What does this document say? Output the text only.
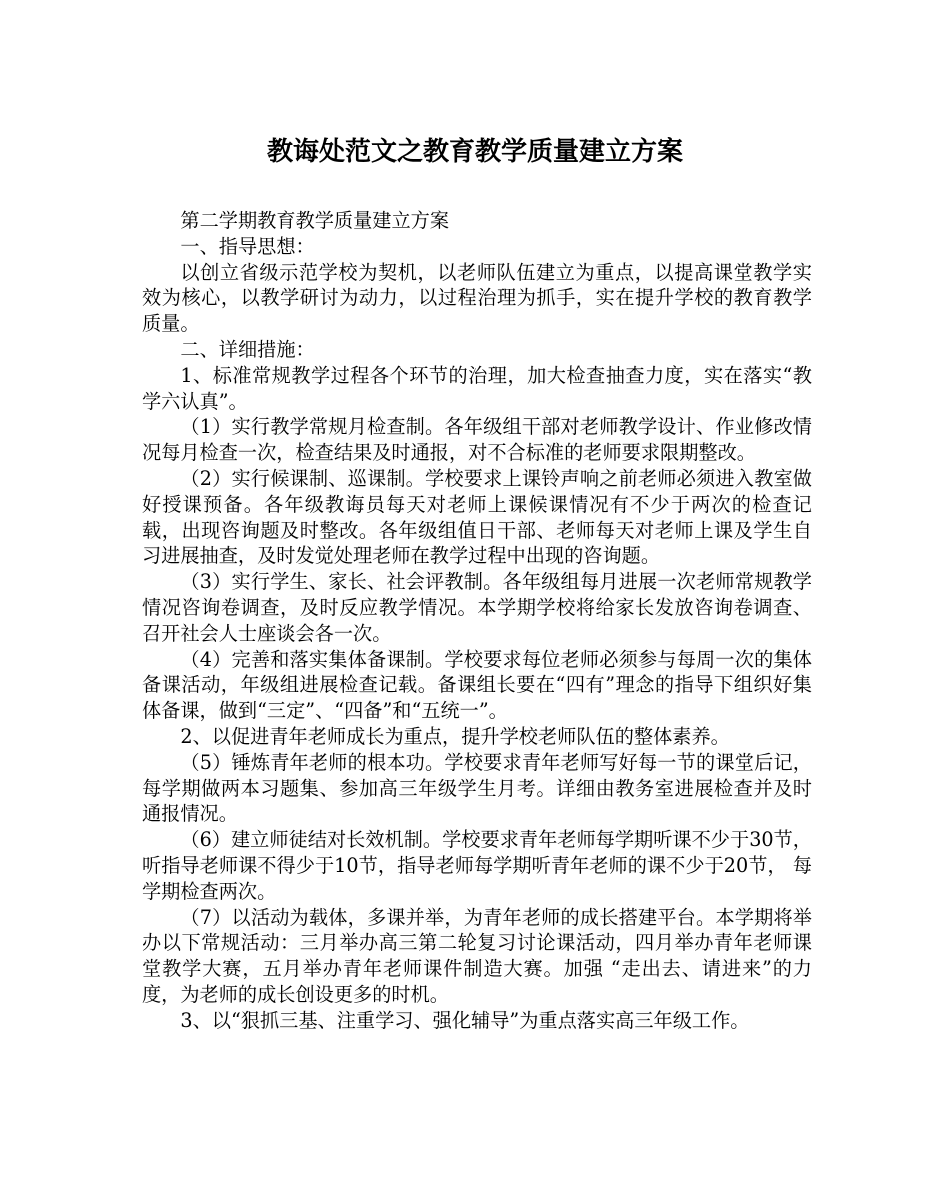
教诲处范文之教育教学质量建立方案

第二学期教育教学质量建立方案

一、指导思想：

以创立省级示范学校为契机，以老师队伍建立为重点，以提高课堂教学实效为核心，以教学研讨为动力，以过程治理为抓手，实在提升学校的教育教学质量。

二、详细措施：

1、标准常规教学过程各个环节的治理，加大检查抽查力度，实在落实“教学六认真”。

（1）实行教学常规月检查制。各年级组干部对老师教学设计、作业修改情况每月检查一次，检查结果及时通报，对不合标准的老师要求限期整改。

（2）实行候课制、巡课制。学校要求上课铃声响之前老师必须进入教室做好授课预备。各年级教诲员每天对老师上课候课情况有不少于两次的检查记载，出现咨询题及时整改。各年级组值日干部、老师每天对老师上课及学生自习进展抽查，及时发觉处理老师在教学过程中出现的咨询题。

（3）实行学生、家长、社会评教制。各年级组每月进展一次老师常规教学情况咨询卷调查，及时反应教学情况。本学期学校将给家长发放咨询卷调查、召开社会人士座谈会各一次。

（4）完善和落实集体备课制。学校要求每位老师必须参与每周一次的集体备课活动，年级组进展检查记载。备课组长要在“四有”理念的指导下组织好集体备课，做到“三定”、“四备”和“五统一”。

2、以促进青年老师成长为重点，提升学校老师队伍的整体素养。

（5）锤炼青年老师的根本功。学校要求青年老师写好每一节的课堂后记，每学期做两本习题集、参加高三年级学生月考。详细由教务室进展检查并及时通报情况。

（6）建立师徒结对长效机制。学校要求青年老师每学期听课不少于30节，听指导老师课不得少于10节，指导老师每学期听青年老师的课不少于20节， 每学期检查两次。

（7）以活动为载体，多课并举，为青年老师的成长搭建平台。本学期将举办以下常规活动：三月举办高三第二轮复习讨论课活动，四月举办青年老师课堂教学大赛，五月举办青年老师课件制造大赛。加强 “走出去、请进来”的力度，为老师的成长创设更多的时机。

3、以“狠抓三基、注重学习、强化辅导”为重点落实高三年级工作。
